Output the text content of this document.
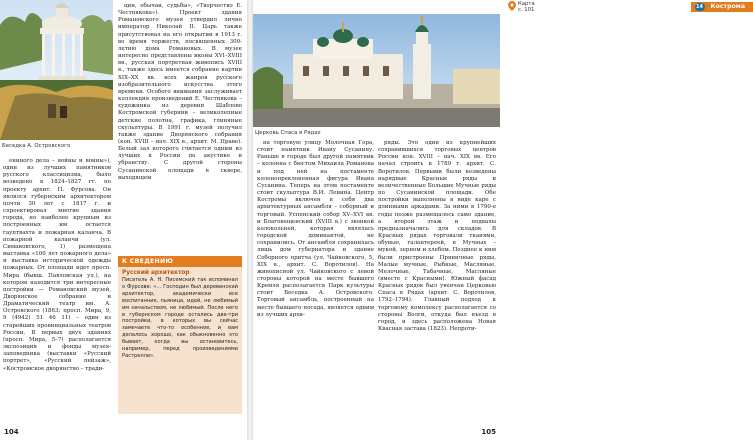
Беседка А. Островского

ениного дела – войны и воины»), один из лучших памятников русского классицизма, было возведено в 1824–1827 гг. по проекту архит. П. Фурсова. Он являлся губернским архитектором почти 30 лет с 1817 г. и спроектировал многие здания города, но наиболее крупным из построенных им остается гауптвахта и пожарная каланча. В пожарной каланчи (ул. Симановского, 1) размещена выставка «100 лет пожарного дела» и выставка исторической одежды пожарных. От площади идет просп. Мира (бывш. Павловская ул.), на котором находится три интересные постройки — Романовский музей, Дворянское собрание и Драматический театр им. А. Островского (1863; просп. Мира, 9, 9 (4942) 51 46 11) – один из старейших провинциальных театров России. В первых двух зданиях (просп. Мира, 5–7) располагается экспозиция и фонды музея-заповедника (выставки «Русский портрет», «Русский пейзаж», «Костромское дворянство – тради-

ции, обычаи, судьбы», «Творчество Е. Честнякова»). Проект здания Романовского музея утвердил лично император Николай II. Царь также присутствовал на его открытии в 1913 г. во время торжеств, посвященных 300-летию дома Романовых. В музее интересно представлены иконы XVI–XVIII вв., русская портретная живопись XVIII в., также здесь имеется собрание картин XIX–XX вв. всех жанров русского изобразительного искусства этого времени. Особого внимания заслуживает коллекция произведений Е. Честнякова – художника из деревни Шаблово Костромской губернии – великолепные детские полотна, графика, глиняные скульптуры. В 1991 г. музей получил также здание Дворянского собрания (кон. XVIII – нач. XIX в., архит. М. Праве). Белый зал которого считается одним из лучших в России по акустике и убранству. С другой стороны Сусанинской площади в сквере, выходящем

К СВЕДЕНИЮ
Русский архитектор
Писатель А. Н. Писемский так вспоминал о Фурсове: «... Господин был деревенский архитектор, академически все воспитанник, пьяница, идей, не любимый им начальством, не любимый. После него в губернском городе остались две-три постройки, в которых вы сейчас замечаете что-то особенное, и вам делалось хорошо, как обыкновенно это бывает, когда вы остановитесь, например, перед произведениями Растрелли».
104
Церковь Спаса в Рядах
Карта
с. 101	14 Кострома

на торговую улицу Молочная Гора, стоит памятник Ивану Сусанину. Раньше в городе был другой памятник – колонна с бюстом Михаила Романова и под ней на постаменте коленопреклоненная фигура Ивана Сусанина. Теперь на этом постаменте стоит скульптура В.И. Ленина. Центр Костромы включен в себя два архитектурных ансамбля – соборный и торговый. Успенский собор XV–XVI вв. и Благовещенский (XVIII в.) с звонкой колокольней, которая являлась городской доминантой, не сохранились. От ансамбля сохранилась лишь дом губернатора и здание Соборного притча (ул. Чайковского, 5, XIX в., архит. С. Воротилов). На живописной ул. Чайковского с левой стороны которой на месте бывшего Кремля располагается Парк культуры стоит Беседка А. Островского. Торговый ансамбль, построенный на месте бывшего посада, является одним из лучших архи-

ряды. Это один из крупнейших сохранившихся торговых центров России кон. XVIII – нач. XIX вв. Его начал строить в 1789 г. архит. С. Воротилов. Первыми были возведены нарядные Красные ряды и величественные Большие Мучные ряды по Сусанинской площади. Обе постройки выполнены в виде каре с длинными аркадами. За ними в 1790-е годы позже размещалось само здание, а второй этаж и подвалы предназначались для складов. В Красных рядах торговали тканями, обувью, галантереей, в Мучных – мукой, зерном и хлебом. Позднее к ним были пристроены Пряничные ряды, Малые мучные, Рыбные, Масляные, Мелочные, Табачные, Масляные (вместе с Красными). Южный фасад Красных рядов был увенчан Церковью Спаса в Рядах (архит. С. Воротилов, 1792–1794). Главный подход к торговому комплексу располагается со стороны Волги, откуда был въезд в город, и здесь расположена Новая Квасная застава (1823). Непроти-

105
